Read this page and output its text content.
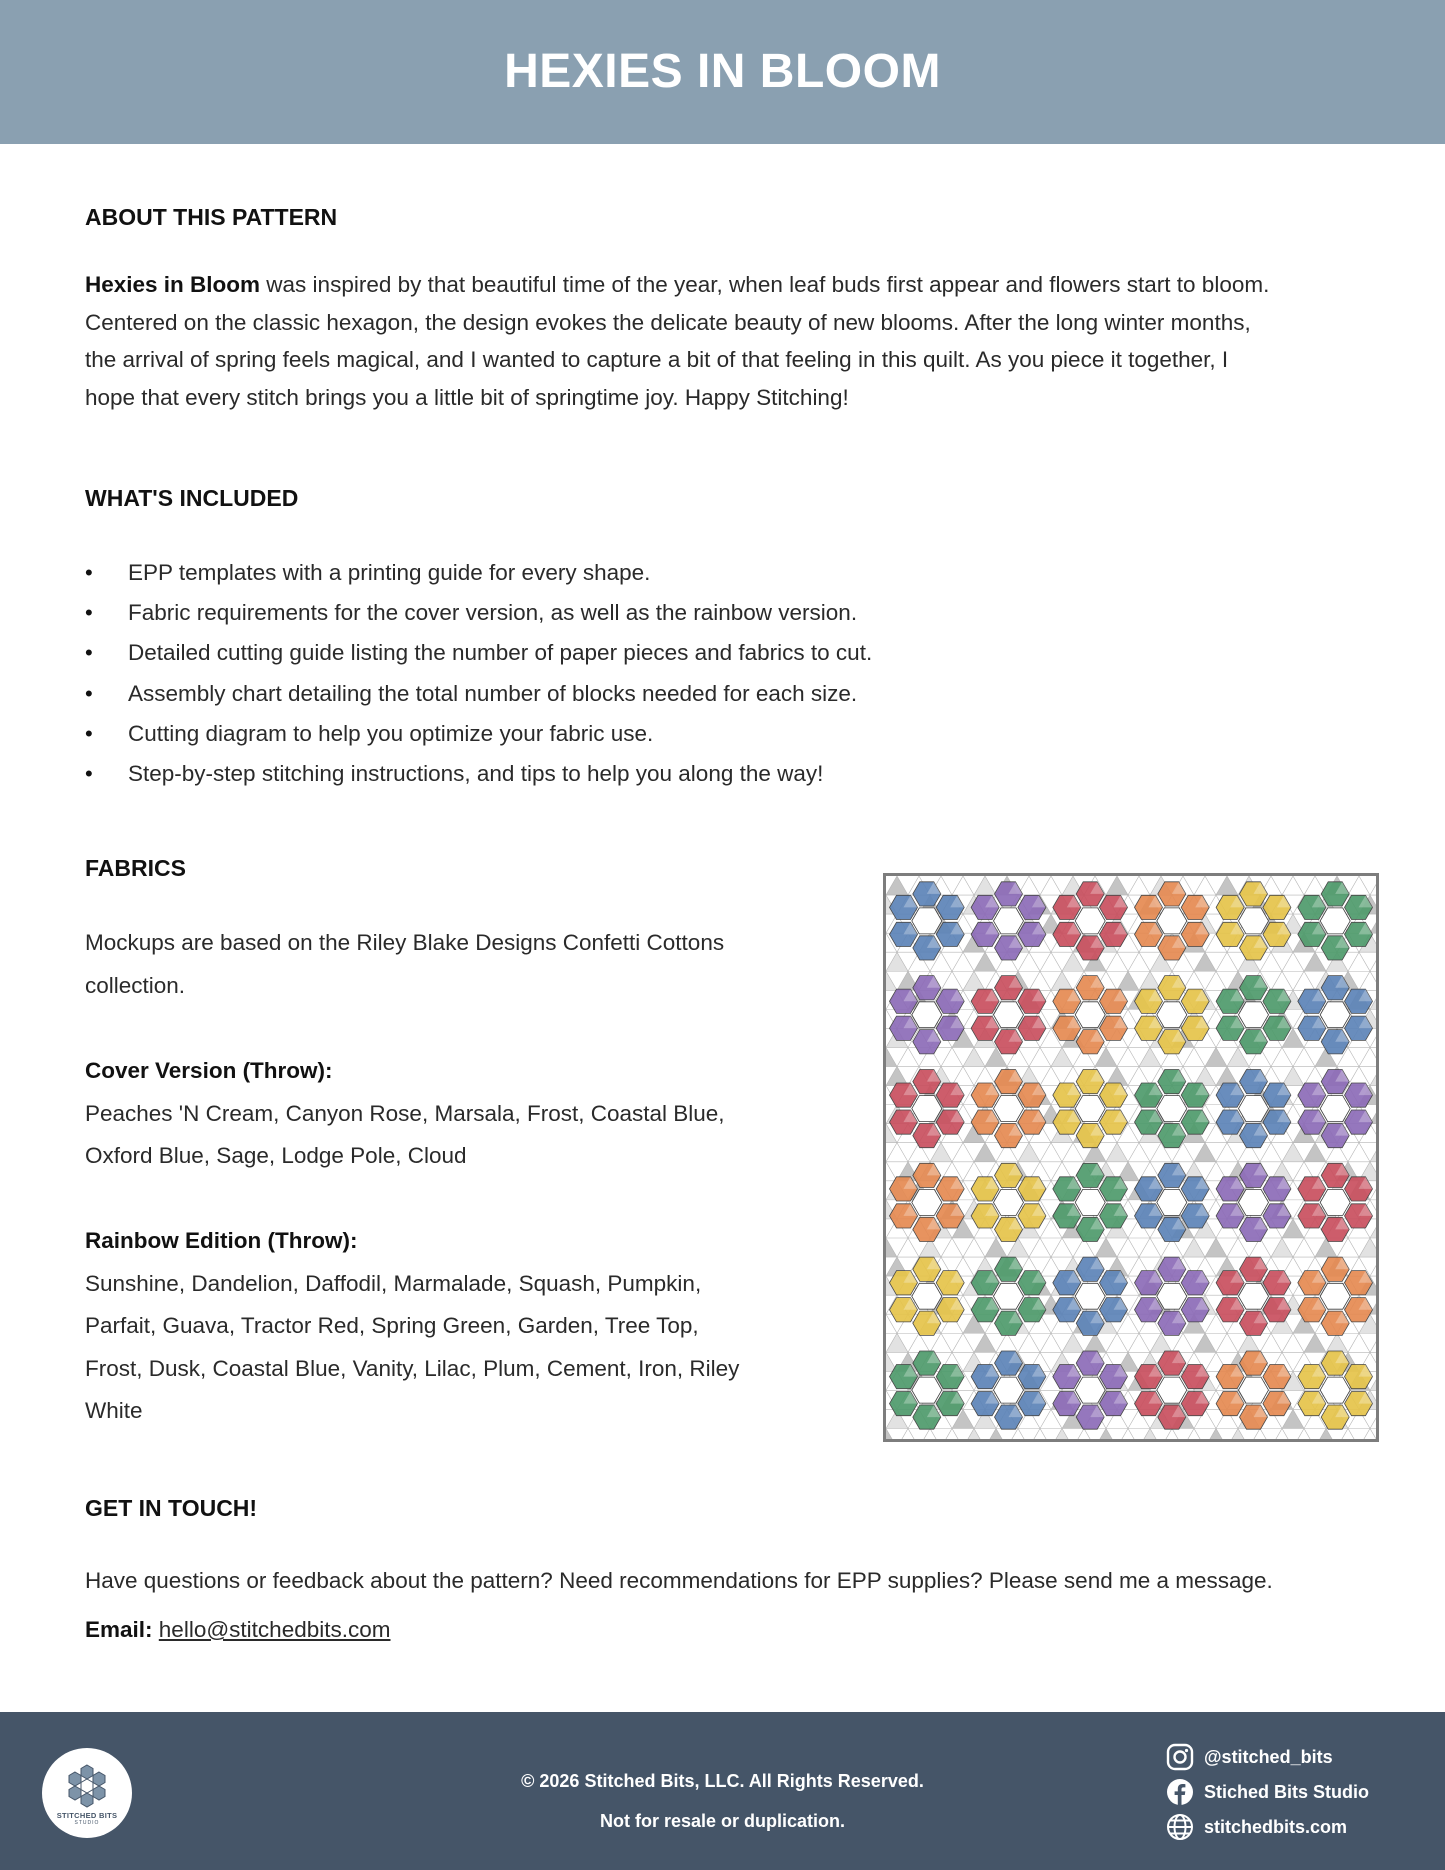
HEXIES IN BLOOM
ABOUT THIS PATTERN
Hexies in Bloom was inspired by that beautiful time of the year, when leaf buds first appear and flowers start to bloom.
Centered on the classic hexagon, the design evokes the delicate beauty of new blooms. After the long winter months,
the arrival of spring feels magical, and I wanted to capture a bit of that feeling in this quilt. As you piece it together, I
hope that every stitch brings you a little bit of springtime joy. Happy Stitching!
WHAT'S INCLUDED
• EPP templates with a printing guide for every shape.
• Fabric requirements for the cover version, as well as the rainbow version.
• Detailed cutting guide listing the number of paper pieces and fabrics to cut.
• Assembly chart detailing the total number of blocks needed for each size.
• Cutting diagram to help you optimize your fabric use.
• Step-by-step stitching instructions, and tips to help you along the way!
FABRICS
Mockups are based on the Riley Blake Designs Confetti Cottons
collection.
Cover Version (Throw):
Peaches 'N Cream, Canyon Rose, Marsala, Frost, Coastal Blue,
Oxford Blue, Sage, Lodge Pole, Cloud
Rainbow Edition (Throw):
Sunshine, Dandelion, Daffodil, Marmalade, Squash, Pumpkin,
Parfait, Guava, Tractor Red, Spring Green, Garden, Tree Top,
Frost, Dusk, Coastal Blue, Vanity, Lilac, Plum, Cement, Iron, Riley
White
GET IN TOUCH!
Have questions or feedback about the pattern? Need recommendations for EPP supplies? Please send me a message.
Email: hello@stitchedbits.com
STITCHED BITS
STUDIO
© 2026 Stitched Bits, LLC. All Rights Reserved.
Not for resale or duplication.
@stitched_bits
Stiched Bits Studio
stitchedbits.com
